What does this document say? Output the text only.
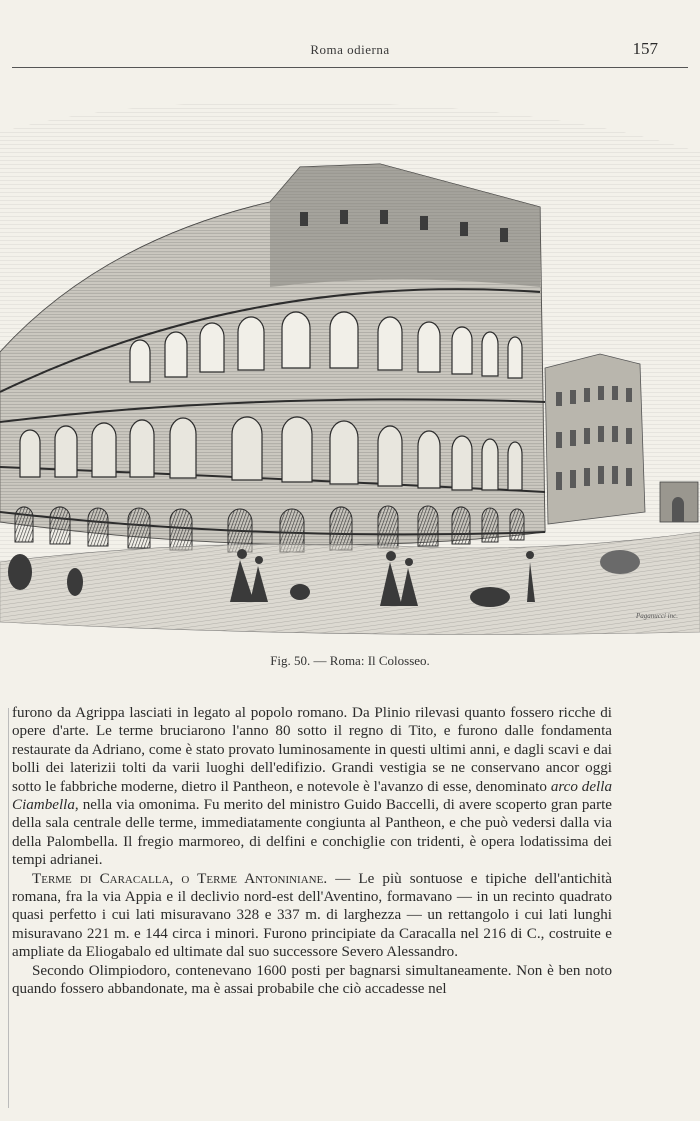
Roma odierna	157
Paganucci inc.
Fig. 50. — Roma: Il Colosseo.

furono da Agrippa lasciati in legato al popolo romano. Da Plinio rilevasi quanto fossero ricche di opere d'arte. Le terme bruciarono l'anno 80 sotto il regno di Tito, e furono dalle fondamenta restaurate da Adriano, come è stato provato luminosamente in questi ultimi anni, e dagli scavi e dai bolli dei laterizii tolti da varii luoghi dell'edifizio. Grandi vestigia se ne conservano ancor oggi sotto le fabbriche moderne, dietro il Pantheon, e notevole è l'avanzo di esse, denominato arco della Ciambella, nella via omonima. Fu merito del ministro Guido Baccelli, di avere scoperto gran parte della sala centrale delle terme, immediatamente congiunta al Pantheon, e che può vedersi dalla via della Palombella. Il fregio marmoreo, di delfini e conchiglie con tridenti, è opera lodatissima dei tempi adrianei.

Terme di Caracalla, o Terme Antoniniane. — Le più sontuose e tipiche dell'antichità romana, fra la via Appia e il declivio nord-est dell'Aventino, formavano — in un recinto quadrato quasi perfetto i cui lati misuravano 328 e 337 m. di larghezza — un rettangolo i cui lati lunghi misuravano 221 m. e 144 circa i minori. Furono principiate da Caracalla nel 216 di C., costruite e ampliate da Eliogabalo ed ultimate dal suo successore Severo Alessandro.

Secondo Olimpiodoro, contenevano 1600 posti per bagnarsi simultaneamente. Non è ben noto quando fossero abbandonate, ma è assai probabile che ciò accadesse nel
